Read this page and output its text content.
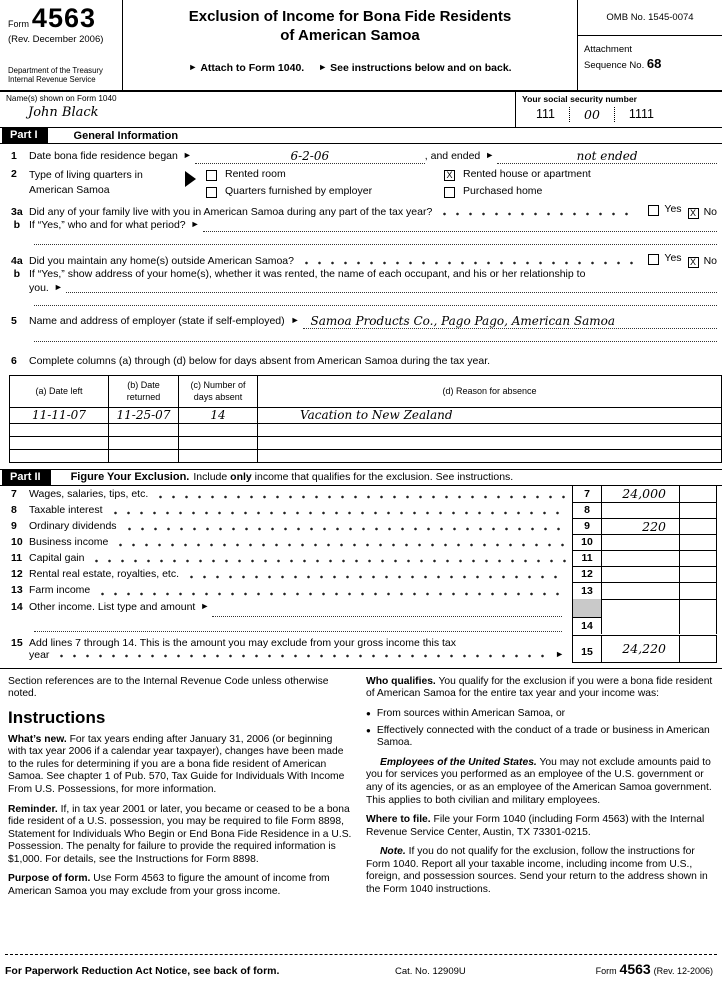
Form 4563
(Rev. December 2006)
Department of the Treasury
Internal Revenue Service
Exclusion of Income for Bona Fide Residents
of American Samoa
► Attach to Form 1040. ► See instructions below and on back.
OMB No. 1545-0074
Attachment
Sequence No. 68
Name(s) shown on Form 1040
John Black
Your social security number
111	00	1111
Part I	General Information
1	Date bona fide residence began ►	6-2-06	, and ended ►	not ended
2	Type of living quarters in
American Samoa
Rented room
Quarters furnished by employer
X Rented house or apartment
Purchased home
3a Did any of your family live with you in American Samoa during any part of the tax year?	Yes X No
b If “Yes,” who and for what period? ►
4a Did you maintain any home(s) outside American Samoa?	Yes X No
b If “Yes,” show address of your home(s), whether it was rented, the name of each occupant, and his or her relationship to
you. ►
5	Name and address of employer (state if self-employed) ► Samoa Products Co., Pago Pago, American Samoa
6	Complete columns (a) through (d) below for days absent from American Samoa during the tax year.
(a) Date left	(b) Date returned	(c) Number of days absent	(d) Reason for absence
11-11-07	11-25-07	14	Vacation to New Zealand

Part II	Figure Your Exclusion. Include only income that qualifies for the exclusion. See instructions.
7	Wages, salaries, tips, etc.	7	24,000
8	Taxable interest	8
9	Ordinary dividends	9	220
10 Business income	10
11 Capital gain	11
12 Rental real estate, royalties, etc.	12
13 Farm income	13
14 Other income. List type and amount ►
14
15 Add lines 7 through 14. This is the amount you may exclude from your gross income this tax
year	►	15	24,220
Section references are to the Internal Revenue Code unless otherwise noted.
Instructions
What’s new. For tax years ending after January 31, 2006 (or beginning with tax year 2006 if a calendar year taxpayer), changes have been made to the rules for determining if you are a bona fide resident of American Samoa. See chapter 1 of Pub. 570, Tax Guide for Individuals With Income From U.S. Possessions, for more information.
Reminder. If, in tax year 2001 or later, you became or ceased to be a bona fide resident of a U.S. possession, you may be required to file Form 8898, Statement for Individuals Who Begin or End Bona Fide Residence in a U.S. Possession. The penalty for failure to provide the required information is $1,000. For details, see the Instructions for Form 8898.
Purpose of form. Use Form 4563 to figure the amount of income from American Samoa you may exclude from your gross income.
Who qualifies. You qualify for the exclusion if you were a bona fide resident of American Samoa for the entire tax year and your income was:
● From sources within American Samoa, or
● Effectively connected with the conduct of a trade or business in American Samoa.
Employees of the United States. You may not exclude amounts paid to you for services you performed as an employee of the U.S. government or any of its agencies, or as an employee of the American Samoa government. This applies to both civilian and military employees.
Where to file. File your Form 1040 (including Form 4563) with the Internal Revenue Service Center, Austin, TX 73301-0215.
Note. If you do not qualify for the exclusion, follow the instructions for Form 1040. Report all your taxable income, including income from U.S., foreign, and possession sources. Send your return to the address shown in the Form 1040 instructions.
For Paperwork Reduction Act Notice, see back of form.	Cat. No. 12909U	Form 4563 (Rev. 12-2006)
